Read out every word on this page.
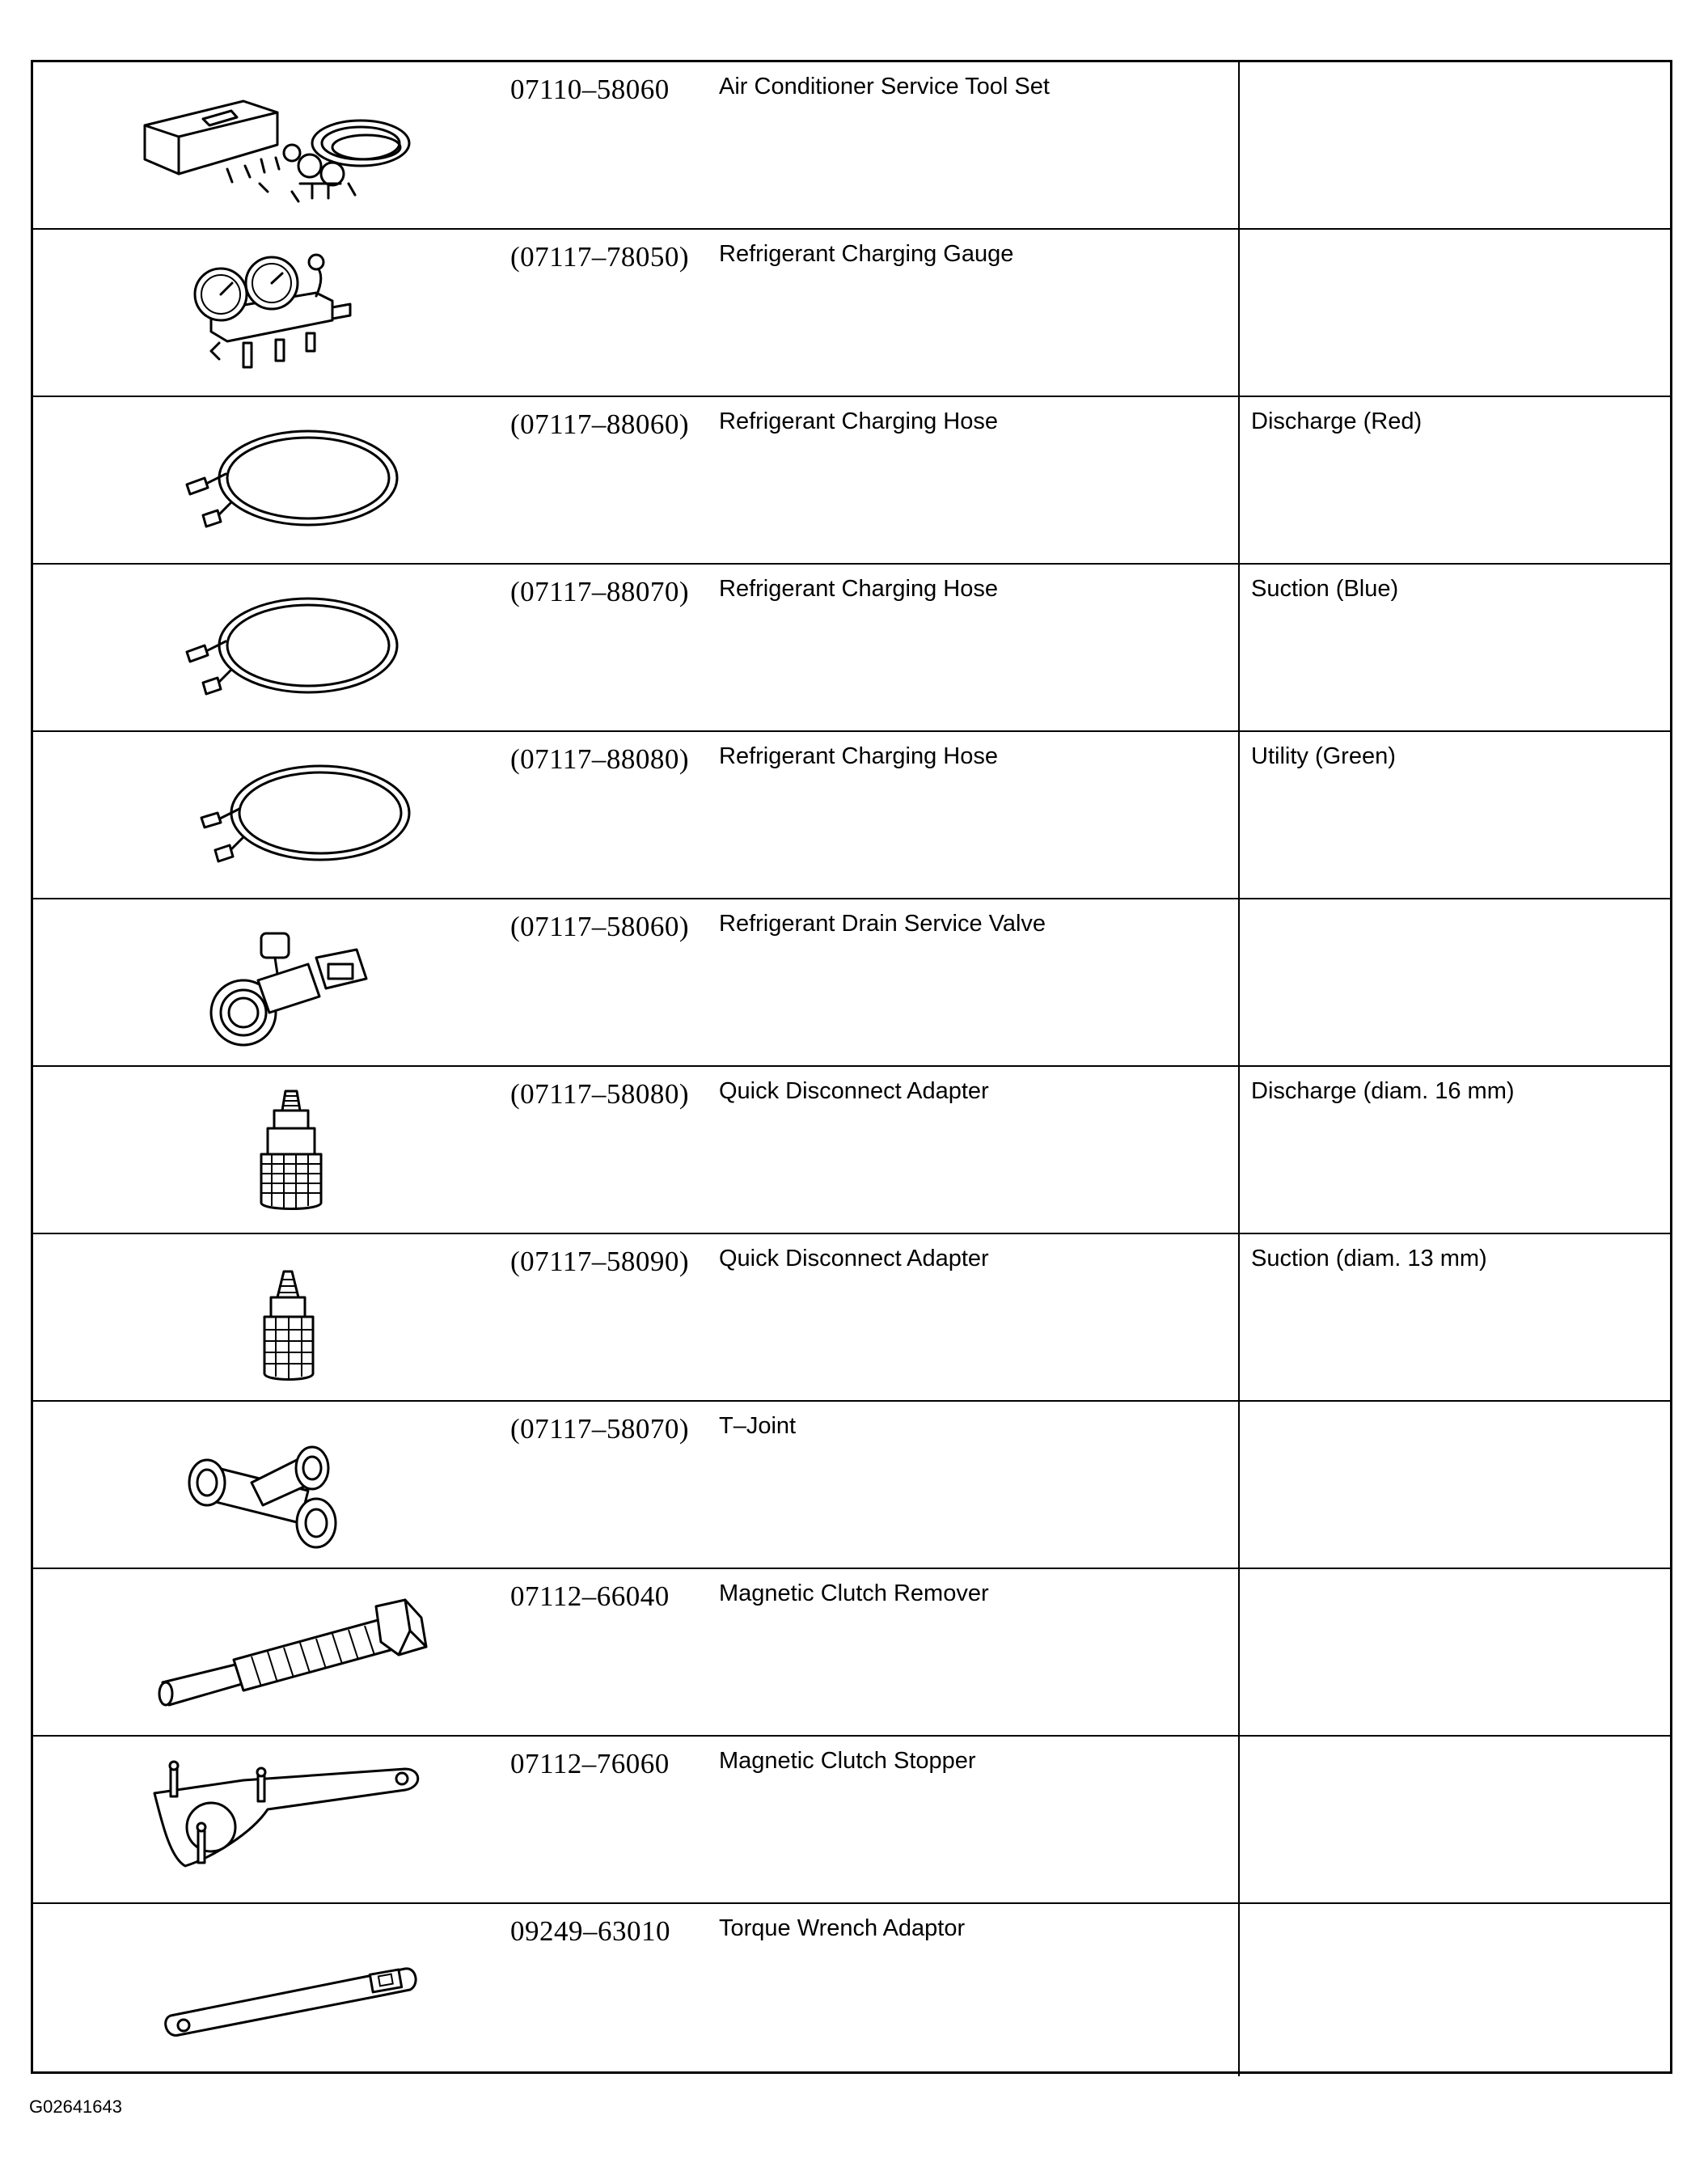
07110–58060	Air Conditioner Service Tool Set
(07117–78050)	Refrigerant Charging Gauge
(07117–88060)	Refrigerant Charging Hose	Discharge (Red)
(07117–88070)	Refrigerant Charging Hose	Suction (Blue)
(07117–88080)	Refrigerant Charging Hose	Utility (Green)
(07117–58060)	Refrigerant Drain Service Valve
(07117–58080)	Quick Disconnect Adapter	Discharge (diam. 16 mm)
(07117–58090)	Quick Disconnect Adapter	Suction (diam. 13 mm)
(07117–58070)	T–Joint
07112–66040	Magnetic Clutch Remover
07112–76060	Magnetic Clutch Stopper
09249–63010	Torque Wrench Adaptor
G02641643
